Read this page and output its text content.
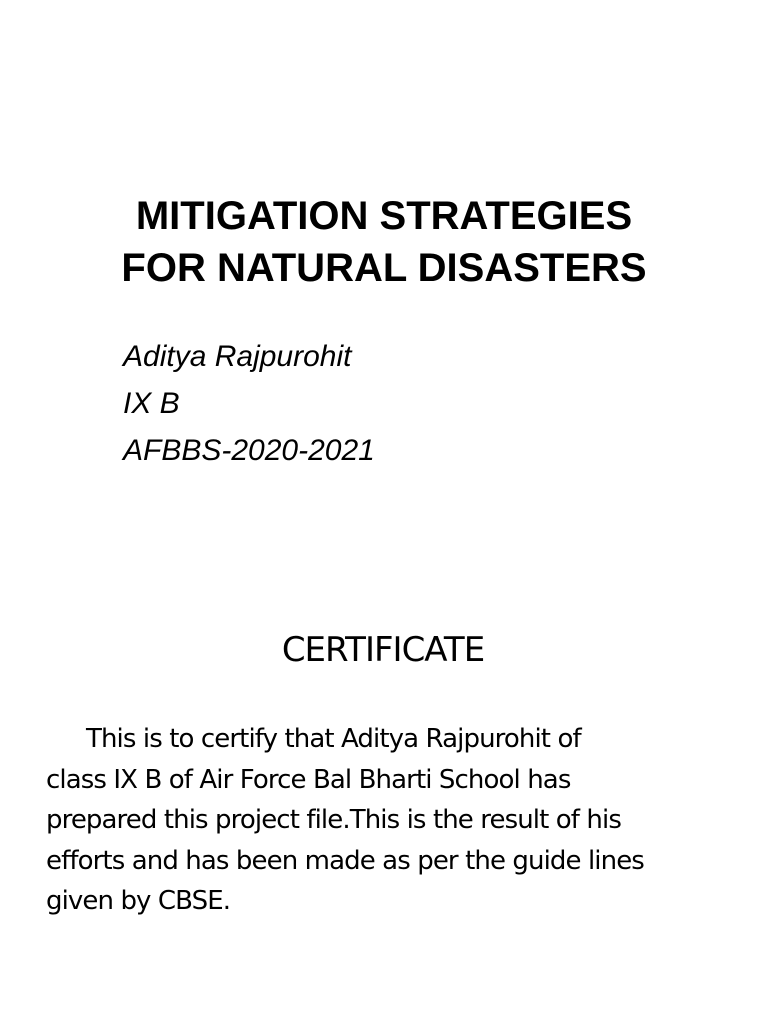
MITIGATION STRATEGIES
FOR NATURAL DISASTERS
Aditya Rajpurohit
IX B
AFBBS-2020-2021
CERTIFICATE
This is to certify that Aditya Rajpurohit of
class IX B of Air Force Bal Bharti School has
prepared this project file.This is the result of his
efforts and has been made as per the guide lines
given by CBSE.
